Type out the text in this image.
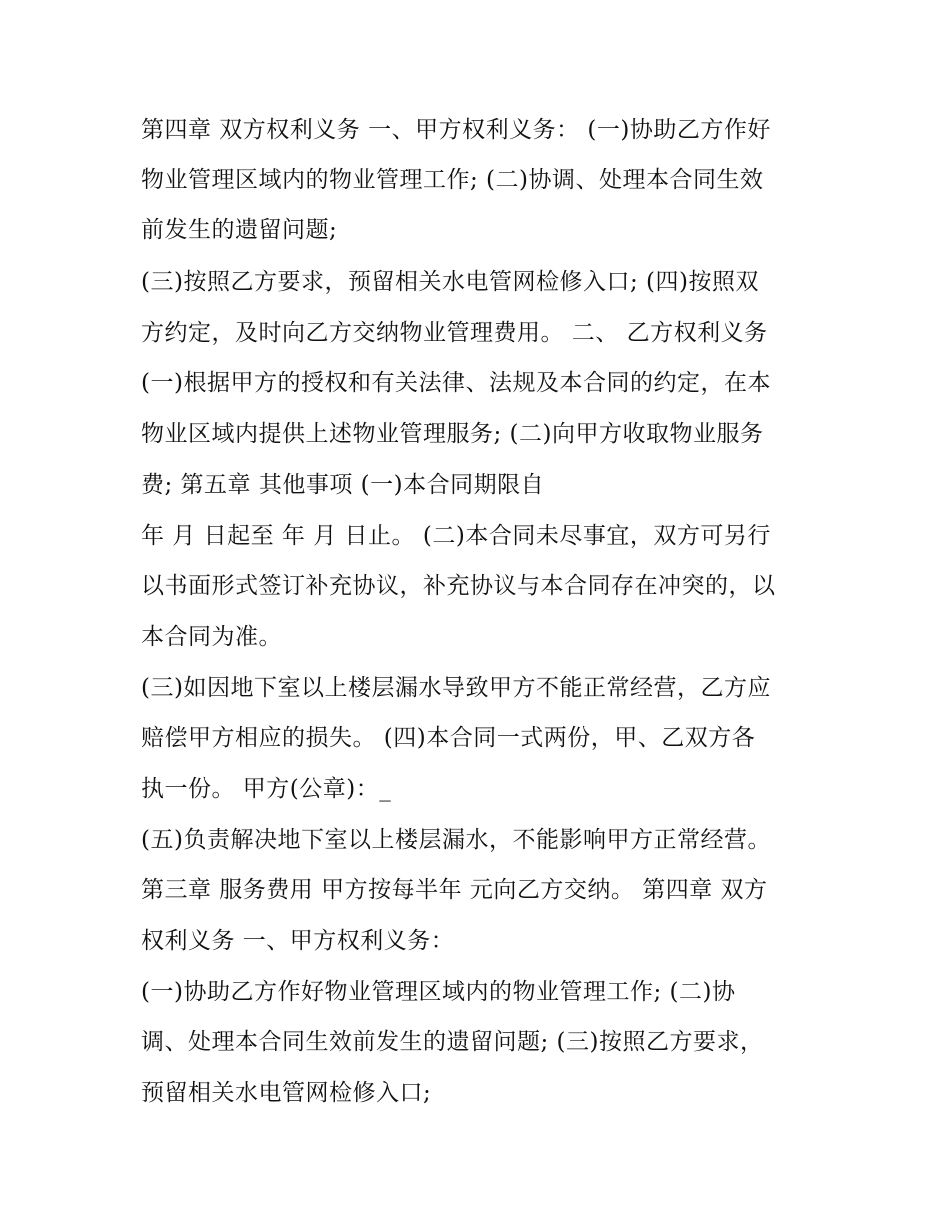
第四章 双方权利义务 一、甲方权利义务： (一)协助乙方作好

物业管理区域内的物业管理工作; (二)协调、处理本合同生效

前发生的遗留问题;

(三)按照乙方要求，预留相关水电管网检修入口; (四)按照双

方约定，及时向乙方交纳物业管理费用。 二、 乙方权利义务

(一)根据甲方的授权和有关法律、法规及本合同的约定，在本

物业区域内提供上述物业管理服务; (二)向甲方收取物业服务

费; 第五章 其他事项 (一)本合同期限自

年 月 日起至 年 月 日止。 (二)本合同未尽事宜，双方可另行

以书面形式签订补充协议，补充协议与本合同存在冲突的，以

本合同为准。

(三)如因地下室以上楼层漏水导致甲方不能正常经营，乙方应

赔偿甲方相应的损失。 (四)本合同一式两份，甲、乙双方各

执一份。 甲方(公章)：_

(五)负责解决地下室以上楼层漏水，不能影响甲方正常经营。

第三章 服务费用 甲方按每半年 元向乙方交纳。 第四章 双方

权利义务 一、甲方权利义务：

(一)协助乙方作好物业管理区域内的物业管理工作; (二)协

调、处理本合同生效前发生的遗留问题; (三)按照乙方要求，

预留相关水电管网检修入口;
